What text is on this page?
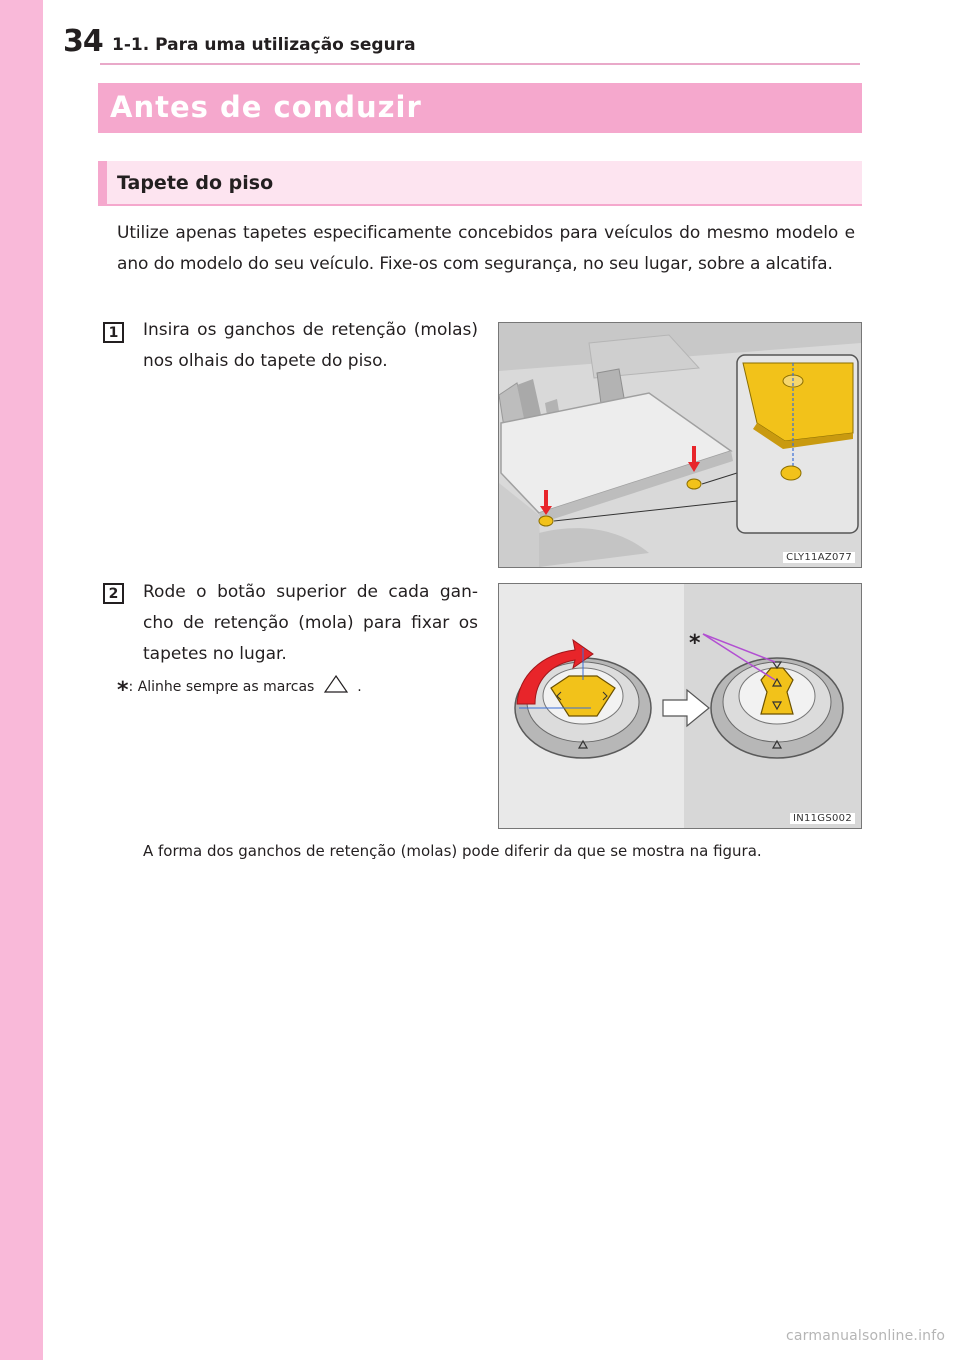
34 1-1. Para uma utilização segura
Antes de conduzir
Tapete do piso
Utilize apenas tapetes especificamente concebidos para veículos do mesmo modelo e ano do modelo do seu veículo. Fixe-os com segurança, no seu lugar, sobre a alcatifa.
1	Insira os ganchos de retenção (molas) nos olhais do tapete do piso.
CLY11AZ077
2	Rode o botão superior de cada gan-cho de retenção (mola) para fixar os tapetes no lugar.
*: Alinhe sempre as marcas	.
*
IN11GS002
A forma dos ganchos de retenção (molas) pode diferir da que se mostra na figura.
carmanualsonline.info
